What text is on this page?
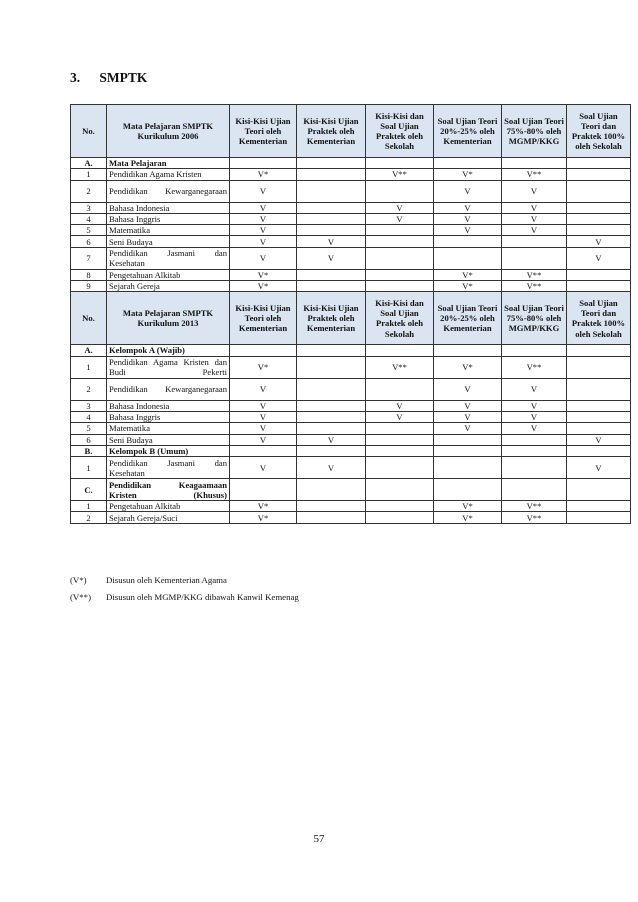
3. SMPTK
No.	Mata Pelajaran SMPTK Kurikulum 2006	Kisi-Kisi Ujian Teori oleh Kementerian	Kisi-Kisi Ujian Praktek oleh Kementerian	Kisi-Kisi dan Soal Ujian Praktek oleh Sekolah	Soal Ujian Teori 20%-25% oleh Kementerian	Soal Ujian Teori 75%-80% oleh MGMP/KKG	Soal Ujian Teori dan Praktek 100% oleh Sekolah
A.	Mata Pelajaran						
1	Pendidikan Agama Kristen	V*		V**	V*	V**	
2	Pendidikan Kewarganegaraan	V			V	V	
3	Bahasa Indonesia	V		V	V	V	
4	Bahasa Inggris	V		V	V	V	
5	Matematika	V			V	V	
6	Seni Budaya	V	V				V
7	Pendidikan Jasmani dan Kesehatan	V	V				V
8	Pengetahuan Alkitab	V*			V*	V**	
9	Sejarah Gereja	V*			V*	V**	
No.	Mata Pelajaran SMPTK Kurikulum 2013	Kisi-Kisi Ujian Teori oleh Kementerian	Kisi-Kisi Ujian Praktek oleh Kementerian	Kisi-Kisi dan Soal Ujian Praktek oleh Sekolah	Soal Ujian Teori 20%-25% oleh Kementerian	Soal Ujian Teori 75%-80% oleh MGMP/KKG	Soal Ujian Teori dan Praktek 100% oleh Sekolah
A.	Kelompok A (Wajib)						
1	Pendidikan Agama Kristen dan Budi Pekerti	V*		V**	V*	V**	
2	Pendidikan Kewarganegaraan	V			V	V	
3	Bahasa Indonesia	V		V	V	V	
4	Bahasa Inggris	V		V	V	V	
5	Matematika	V			V	V	
6	Seni Budaya	V	V				V
B.	Kelompok B (Umum)						
1	Pendidikan Jasmani dan Kesehatan	V	V				V
C.	Pendidikan Keagaamaan Kristen (Khusus)						
1	Pengetahuan Alkitab	V*			V*	V**	
2	Sejarah Gereja/Suci	V*			V*	V**	
(V*)	Disusun oleh Kementerian Agama
(V**)	Disusun oleh MGMP/KKG dibawah Kanwil Kemenag
57
